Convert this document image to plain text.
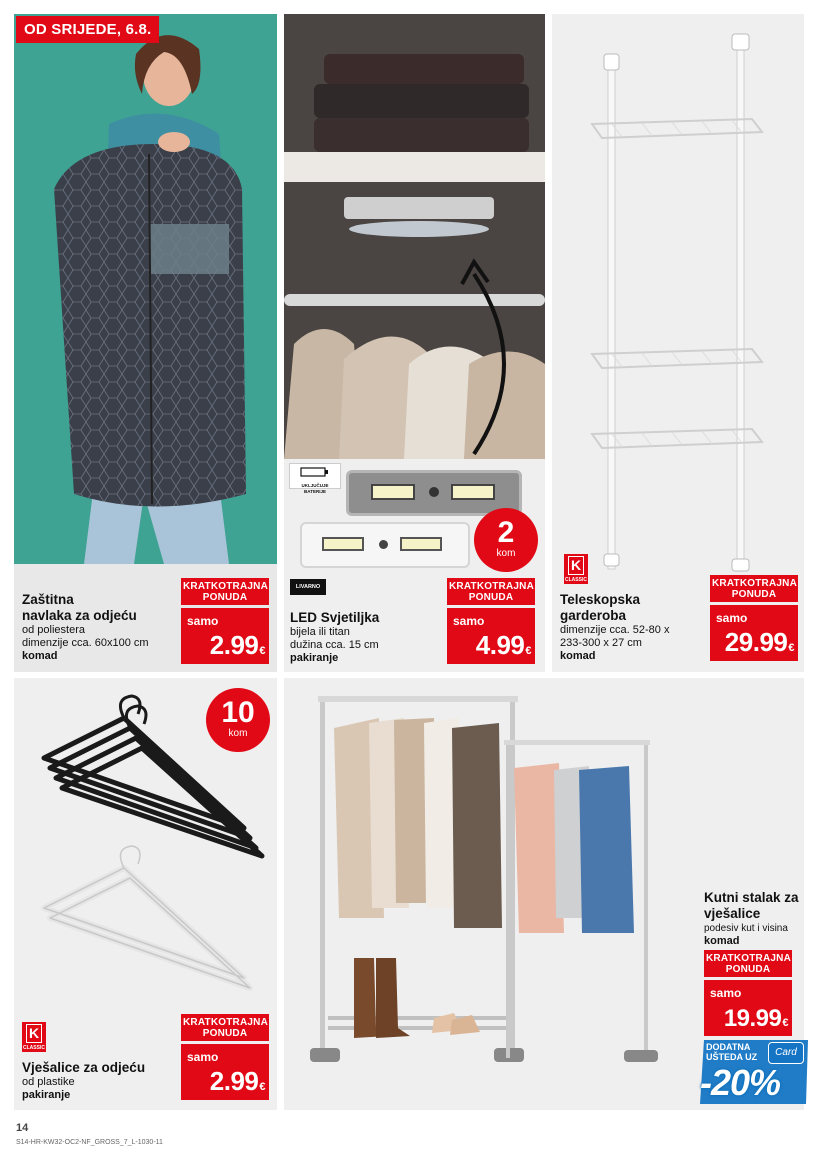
OD SRIJEDE, 6.8.
Zaštitna
navlaka za odjeću
od poliestera
dimenzije cca. 60x100 cm
komad
KRATKOTRAJNA
PONUDA
samo
2.99€
UKLJUČUJE BATERIJE
2
kom
LIVARNO
LED Svjetiljka
bijela ili titan
dužina cca. 15 cm
pakiranje
KRATKOTRAJNA
PONUDA
samo
4.99€
K
CLASSIC
Teleskopska
garderoba
dimenzije cca. 52-80 x
233-300 x 27 cm
komad
KRATKOTRAJNA
PONUDA
samo
29.99€
10
kom
K
CLASSIC
Vješalice za odjeću
od plastike
pakiranje
KRATKOTRAJNA
PONUDA
samo
2.99€
Kutni stalak za
vješalice
podesiv kut i visina
komad
KRATKOTRAJNA
PONUDA
samo
19.99€
DODATNA
UŠTEDA UZ	Card
-20%
14
S14-HR-KW32-OC2-NF_GROSS_7_L-1030-11
